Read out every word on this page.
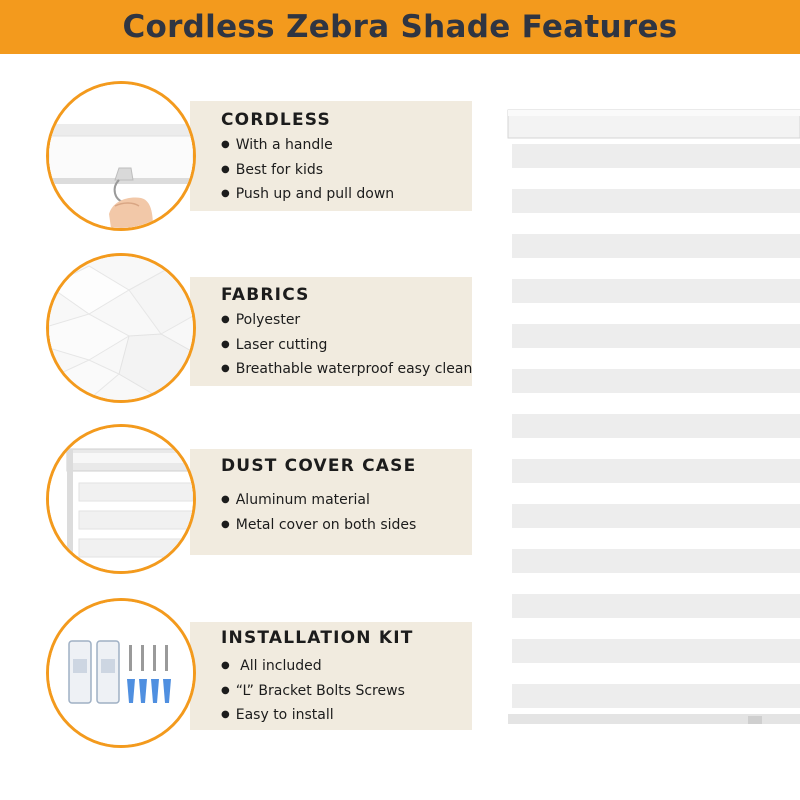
Cordless Zebra Shade Features
CORDLESS
● With a handle
● Best for kids
● Push up and pull down
FABRICS
● Polyester
● Laser cutting
● Breathable waterproof easy clean
DUST COVER CASE
● Aluminum material
● Metal cover on both sides
INSTALLATION KIT
● All included
● “L” Bracket Bolts Screws
● Easy to install
